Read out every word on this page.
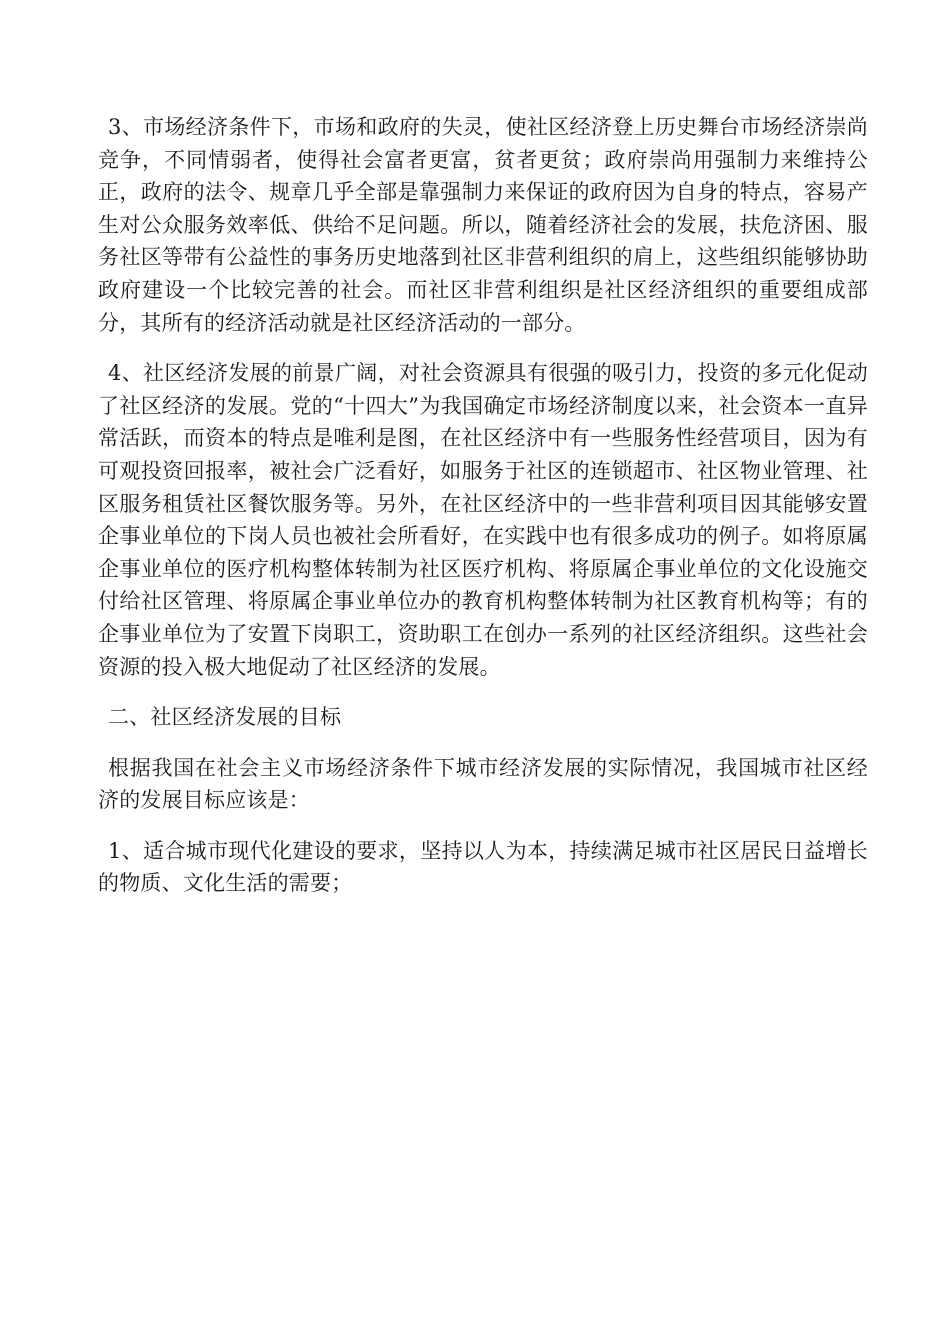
3、市场经济条件下，市场和政府的失灵，使社区经济登上历史舞台市场经济崇尚竞争，不同情弱者，使得社会富者更富，贫者更贫；政府崇尚用强制力来维持公正，政府的法令、规章几乎全部是靠强制力来保证的政府因为自身的特点，容易产生对公众服务效率低、供给不足问题。所以，随着经济社会的发展，扶危济困、服务社区等带有公益性的事务历史地落到社区非营利组织的肩上，这些组织能够协助政府建设一个比较完善的社会。而社区非营利组织是社区经济组织的重要组成部分，其所有的经济活动就是社区经济活动的一部分。

4、社区经济发展的前景广阔，对社会资源具有很强的吸引力，投资的多元化促动了社区经济的发展。党的“十四大”为我国确定市场经济制度以来，社会资本一直异常活跃，而资本的特点是唯利是图，在社区经济中有一些服务性经营项目，因为有可观投资回报率，被社会广泛看好，如服务于社区的连锁超市、社区物业管理、社区服务租赁社区餐饮服务等。另外，在社区经济中的一些非营利项目因其能够安置企事业单位的下岗人员也被社会所看好，在实践中也有很多成功的例子。如将原属企事业单位的医疗机构整体转制为社区医疗机构、将原属企事业单位的文化设施交付给社区管理、将原属企事业单位办的教育机构整体转制为社区教育机构等；有的企事业单位为了安置下岗职工，资助职工在创办一系列的社区经济组织。这些社会资源的投入极大地促动了社区经济的发展。

二、社区经济发展的目标

根据我国在社会主义市场经济条件下城市经济发展的实际情况，我国城市社区经济的发展目标应该是：

1、适合城市现代化建设的要求，坚持以人为本，持续满足城市社区居民日益增长的物质、文化生活的需要；
